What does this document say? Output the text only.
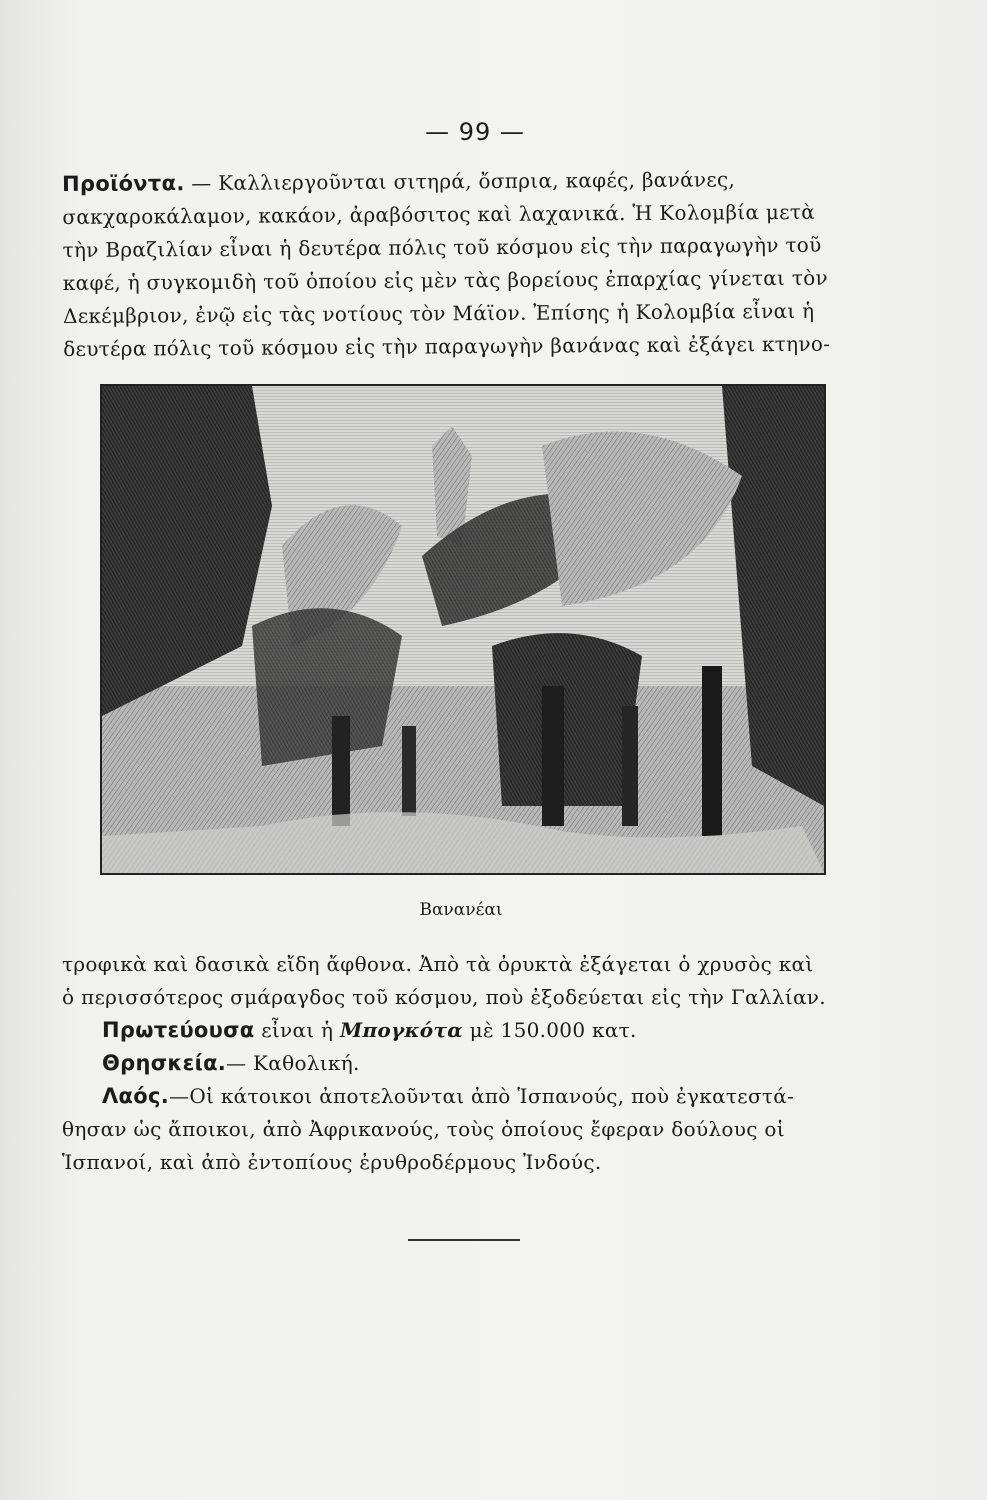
— 99 —
Προϊόντα. — Καλλιεργοῦνται σιτηρά, ὄσπρια, καφές, βανάνες,
σακχαροκάλαμον, κακάον, ἀραβόσιτος καὶ λαχανικά. Ἡ Κολομβία μετὰ
τὴν Βραζιλίαν εἶναι ἡ δευτέρα πόλις τοῦ κόσμου εἰς τὴν παραγωγὴν τοῦ
καφέ, ἡ συγκομιδὴ τοῦ ὁποίου εἰς μὲν τὰς βορείους ἐπαρχίας γίνεται τὸν
Δεκέμβριον, ἐνῷ εἰς τὰς νοτίους τὸν Μάϊον. Ἐπίσης ἡ Κολομβία εἶναι ἡ
δευτέρα πόλις τοῦ κόσμου εἰς τὴν παραγωγὴν βανάνας καὶ ἐξάγει κτηνο-
Βανανέαι
τροφικὰ καὶ δασικὰ εἴδη ἄφθονα. Ἀπὸ τὰ ὀρυκτὰ ἐξάγεται ὁ χρυσὸς καὶ
ὁ περισσότερος σμάραγδος τοῦ κόσμου, ποὺ ἐξοδεύεται εἰς τὴν Γαλλίαν.
Πρωτεύουσα εἶναι ἡ Μπογκότα μὲ 150.000 κατ.
Θρησκεία.— Καθολική.
Λαός.—Οἱ κάτοικοι ἀποτελοῦνται ἀπὸ Ἱσπανούς, ποὺ ἐγκατεστά-
θησαν ὡς ἄποικοι, ἀπὸ Ἀφρικανούς, τοὺς ὁποίους ἔφεραν δούλους οἱ
Ἱσπανοί, καὶ ἀπὸ ἐντοπίους ἐρυθροδέρμους Ἰνδούς.
